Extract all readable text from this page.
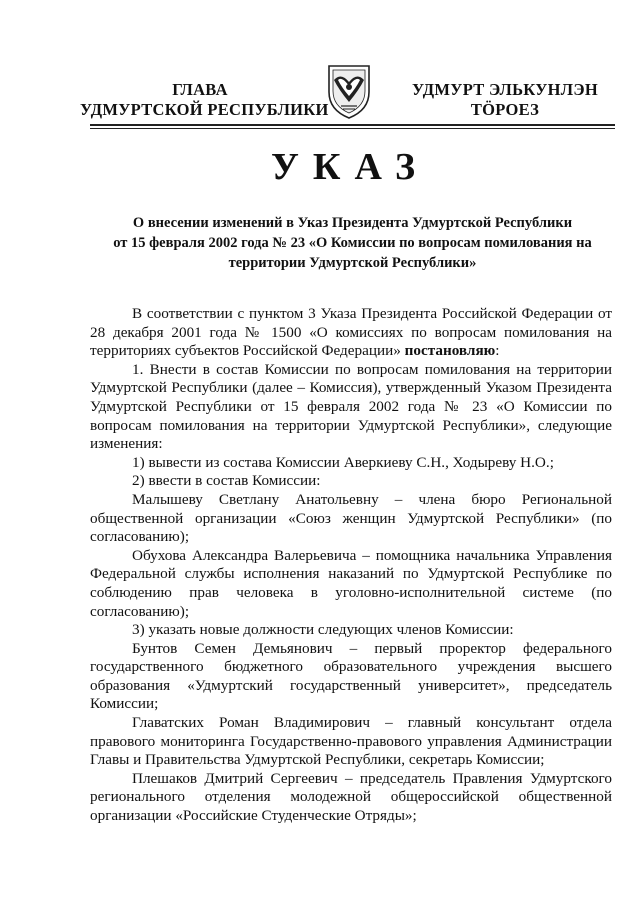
ГЛАВА
УДМУРТСКОЙ РЕСПУБЛИКИ
УДМУРТ ЭЛЬКУНЛЭН
ТӦРОЕЗ
УКАЗ
О внесении изменений в Указ Президента Удмуртской Республики
от 15 февраля 2002 года № 23 «О Комиссии по вопросам помилования на
территории Удмуртской Республики»
В соответствии с пунктом 3 Указа Президента Российской Федерации от
28 декабря 2001 года № 1500 «О комиссиях по вопросам помилования на
территориях субъектов Российской Федерации» постановляю:
1. Внести в состав Комиссии по вопросам помилования на территории
Удмуртской Республики (далее – Комиссия), утвержденный Указом Президента
Удмуртской Республики от 15 февраля 2002 года № 23 «О Комиссии по
вопросам помилования на территории Удмуртской Республики», следующие
изменения:
1) вывести из состава Комиссии Аверкиеву С.Н., Ходыреву Н.О.;
2) ввести в состав Комиссии:
Малышеву Светлану Анатольевну – члена бюро Региональной
общественной организации «Союз женщин Удмуртской Республики» (по
согласованию);
Обухова Александра Валерьевича – помощника начальника Управления
Федеральной службы исполнения наказаний по Удмуртской Республике по
соблюдению прав человека в уголовно-исполнительной системе (по
согласованию);
3) указать новые должности следующих членов Комиссии:
Бунтов Семен Демьянович – первый проректор федерального
государственного бюджетного образовательного учреждения высшего
образования «Удмуртский государственный университет», председатель
Комиссии;
Главатских Роман Владимирович – главный консультант отдела
правового мониторинга Государственно-правового управления Администрации
Главы и Правительства Удмуртской Республики, секретарь Комиссии;
Плешаков Дмитрий Сергеевич – председатель Правления Удмуртского
регионального отделения молодежной общероссийской общественной
организации «Российские Студенческие Отряды»;
